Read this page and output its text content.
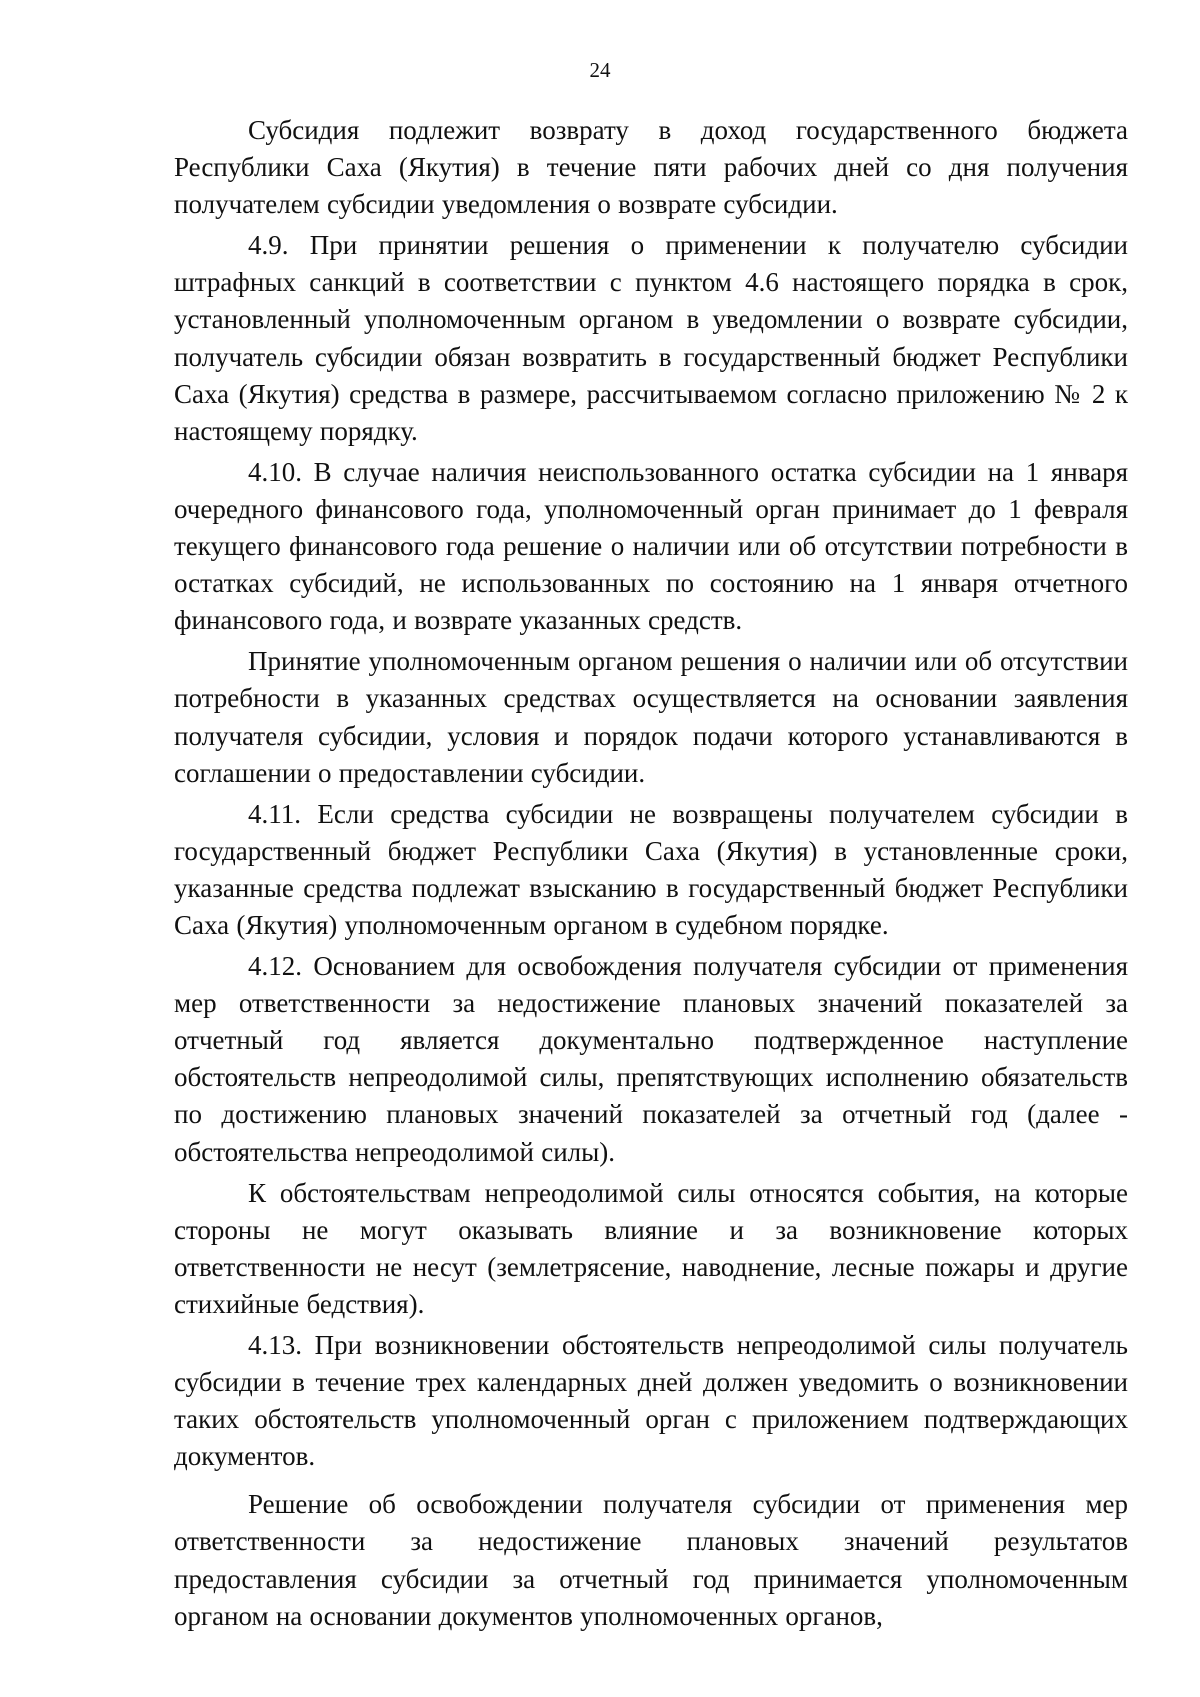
24

Субсидия подлежит возврату в доход государственного бюджета Республики Саха (Якутия) в течение пяти рабочих дней со дня получения получателем субсидии уведомления о возврате субсидии.

4.9. При принятии решения о применении к получателю субсидии штрафных санкций в соответствии с пунктом 4.6 настоящего порядка в срок, установленный уполномоченным органом в уведомлении о возврате субсидии, получатель субсидии обязан возвратить в государственный бюджет Республики Саха (Якутия) средства в размере, рассчитываемом согласно приложению № 2 к настоящему порядку.

4.10. В случае наличия неиспользованного остатка субсидии на 1 января очередного финансового года, уполномоченный орган принимает до 1 февраля текущего финансового года решение о наличии или об отсутствии потребности в остатках субсидий, не использованных по состоянию на 1 января отчетного финансового года, и возврате указанных средств.

Принятие уполномоченным органом решения о наличии или об отсутствии потребности в указанных средствах осуществляется на основании заявления получателя субсидии, условия и порядок подачи которого устанавливаются в соглашении о предоставлении субсидии.

4.11. Если средства субсидии не возвращены получателем субсидии в государственный бюджет Республики Саха (Якутия) в установленные сроки, указанные средства подлежат взысканию в государственный бюджет Республики Саха (Якутия) уполномоченным органом в судебном порядке.

4.12. Основанием для освобождения получателя субсидии от применения мер ответственности за недостижение плановых значений показателей за отчетный год является документально подтвержденное наступление обстоятельств непреодолимой силы, препятствующих исполнению обязательств по достижению плановых значений показателей за отчетный год (далее - обстоятельства непреодолимой силы).

К обстоятельствам непреодолимой силы относятся события, на которые стороны не могут оказывать влияние и за возникновение которых ответственности не несут (землетрясение, наводнение, лесные пожары и другие стихийные бедствия).

4.13. При возникновении обстоятельств непреодолимой силы получатель субсидии в течение трех календарных дней должен уведомить о возникновении таких обстоятельств уполномоченный орган с приложением подтверждающих документов.

Решение об освобождении получателя субсидии от применения мер ответственности за недостижение плановых значений результатов предоставления субсидии за отчетный год принимается уполномоченным органом на основании документов уполномоченных органов,
